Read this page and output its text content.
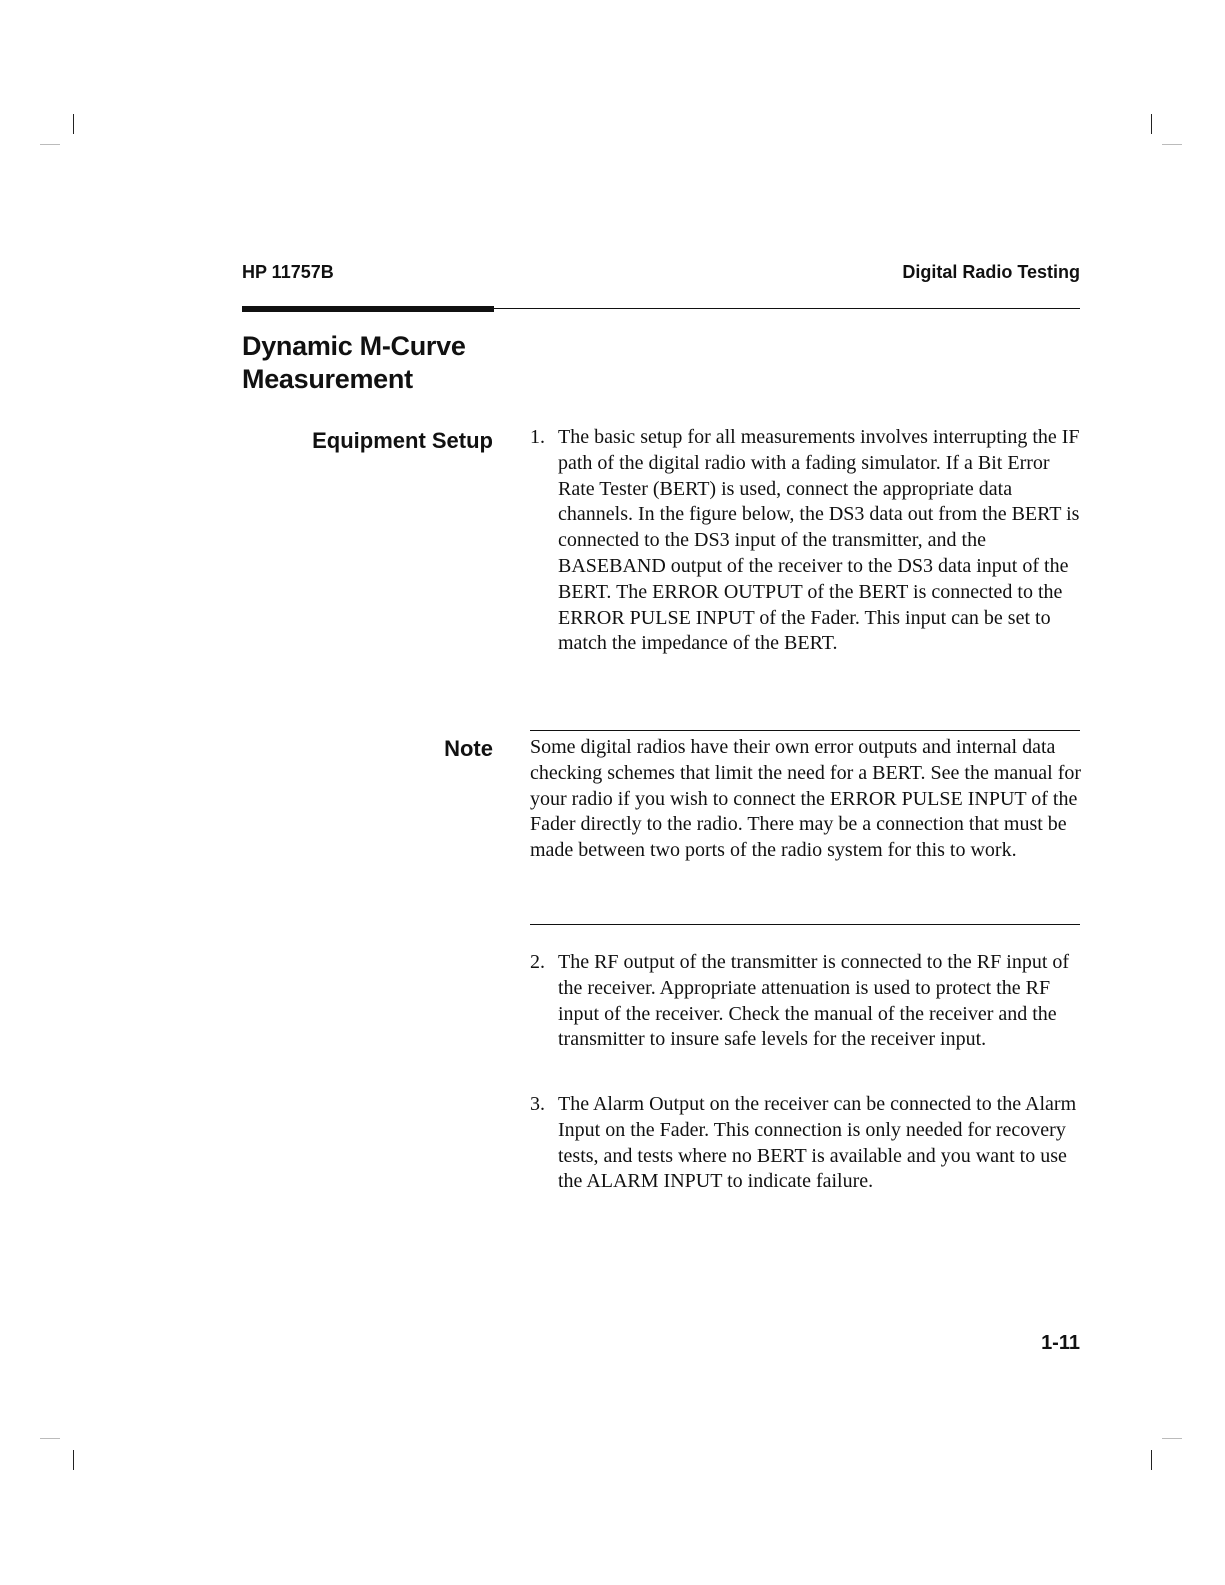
HP 11757B	Digital Radio Testing
Dynamic M-Curve
Measurement
Equipment Setup
Note
1. The basic setup for all measurements involves interrupting the IF path of the digital radio with a fading simulator. If a Bit Error Rate Tester (BERT) is used, connect the appropriate data channels. In the figure below, the DS3 data out from the BERT is connected to the DS3 input of the transmitter, and the BASEBAND output of the receiver to the DS3 data input of the BERT. The ERROR OUTPUT of the BERT is connected to the ERROR PULSE INPUT of the Fader. This input can be set to match the impedance of the BERT.
Some digital radios have their own error outputs and internal data checking schemes that limit the need for a BERT. See the manual for your radio if you wish to connect the ERROR PULSE INPUT of the Fader directly to the radio. There may be a connection that must be made between two ports of the radio system for this to work.
2. The RF output of the transmitter is connected to the RF input of the receiver. Appropriate attenuation is used to protect the RF input of the receiver. Check the manual of the receiver and the transmitter to insure safe levels for the receiver input.
3. The Alarm Output on the receiver can be connected to the Alarm Input on the Fader. This connection is only needed for recovery tests, and tests where no BERT is available and you want to use the ALARM INPUT to indicate failure.
1-11
